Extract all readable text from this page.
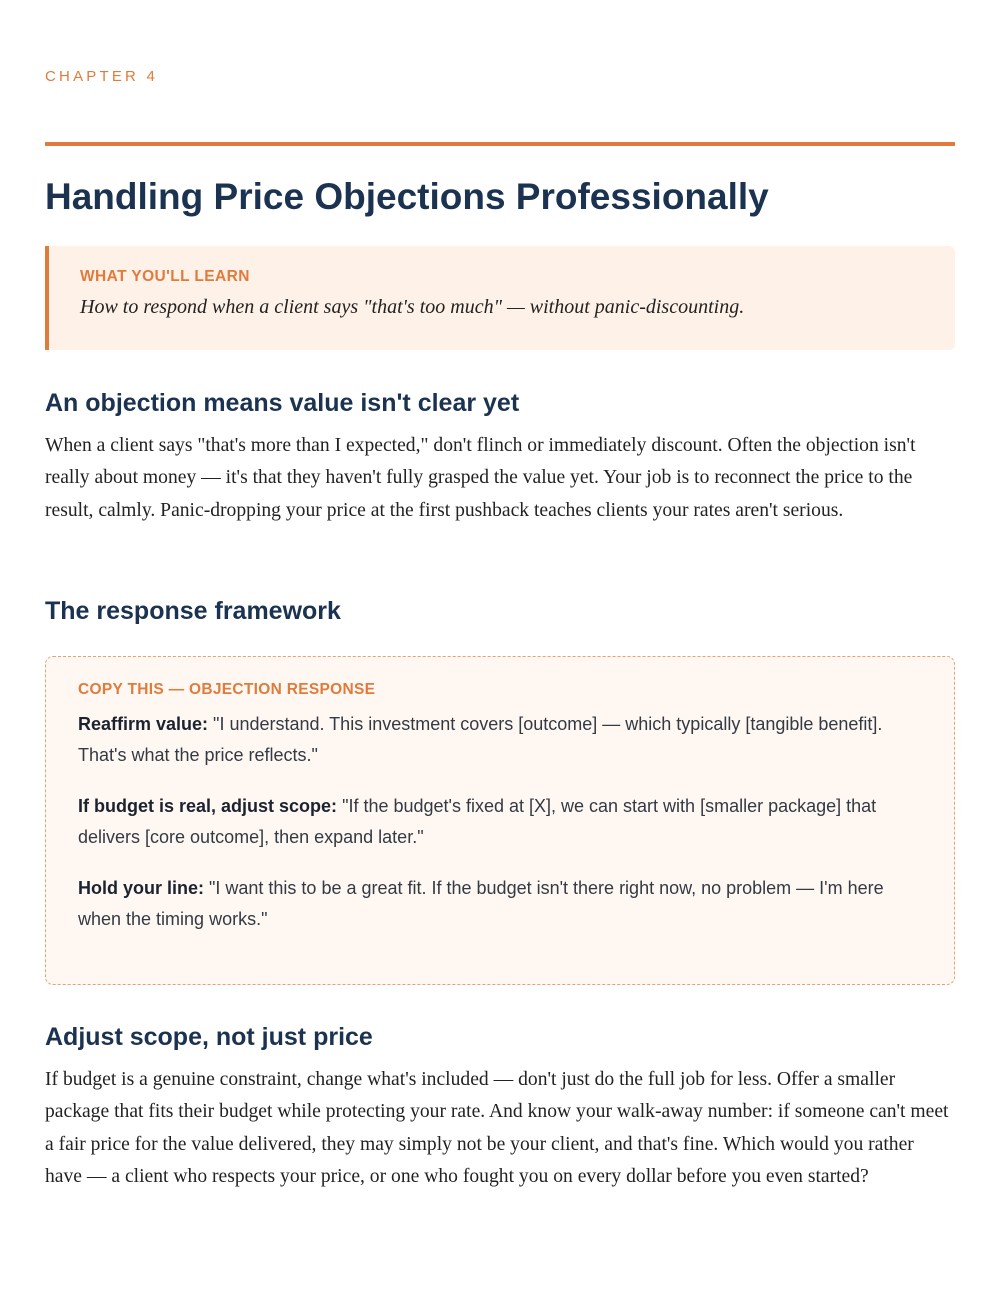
CHAPTER 4

Handling Price Objections Professionally

WHAT YOU'LL LEARN

How to respond when a client says "that's too much" — without panic-discounting.

An objection means value isn't clear yet

When a client says "that's more than I expected," don't flinch or immediately discount. Often the objection isn't really about money — it's that they haven't fully grasped the value yet. Your job is to reconnect the price to the result, calmly. Panic-dropping your price at the first pushback teaches clients your rates aren't serious.

The response framework

COPY THIS — OBJECTION RESPONSE

Reaffirm value: "I understand. This investment covers [outcome] — which typically [tangible benefit]. That's what the price reflects."

If budget is real, adjust scope: "If the budget's fixed at [X], we can start with [smaller package] that delivers [core outcome], then expand later."

Hold your line: "I want this to be a great fit. If the budget isn't there right now, no problem — I'm here when the timing works."

Adjust scope, not just price

If budget is a genuine constraint, change what's included — don't just do the full job for less. Offer a smaller package that fits their budget while protecting your rate. And know your walk-away number: if someone can't meet a fair price for the value delivered, they may simply not be your client, and that's fine. Which would you rather have — a client who respects your price, or one who fought you on every dollar before you even started?
